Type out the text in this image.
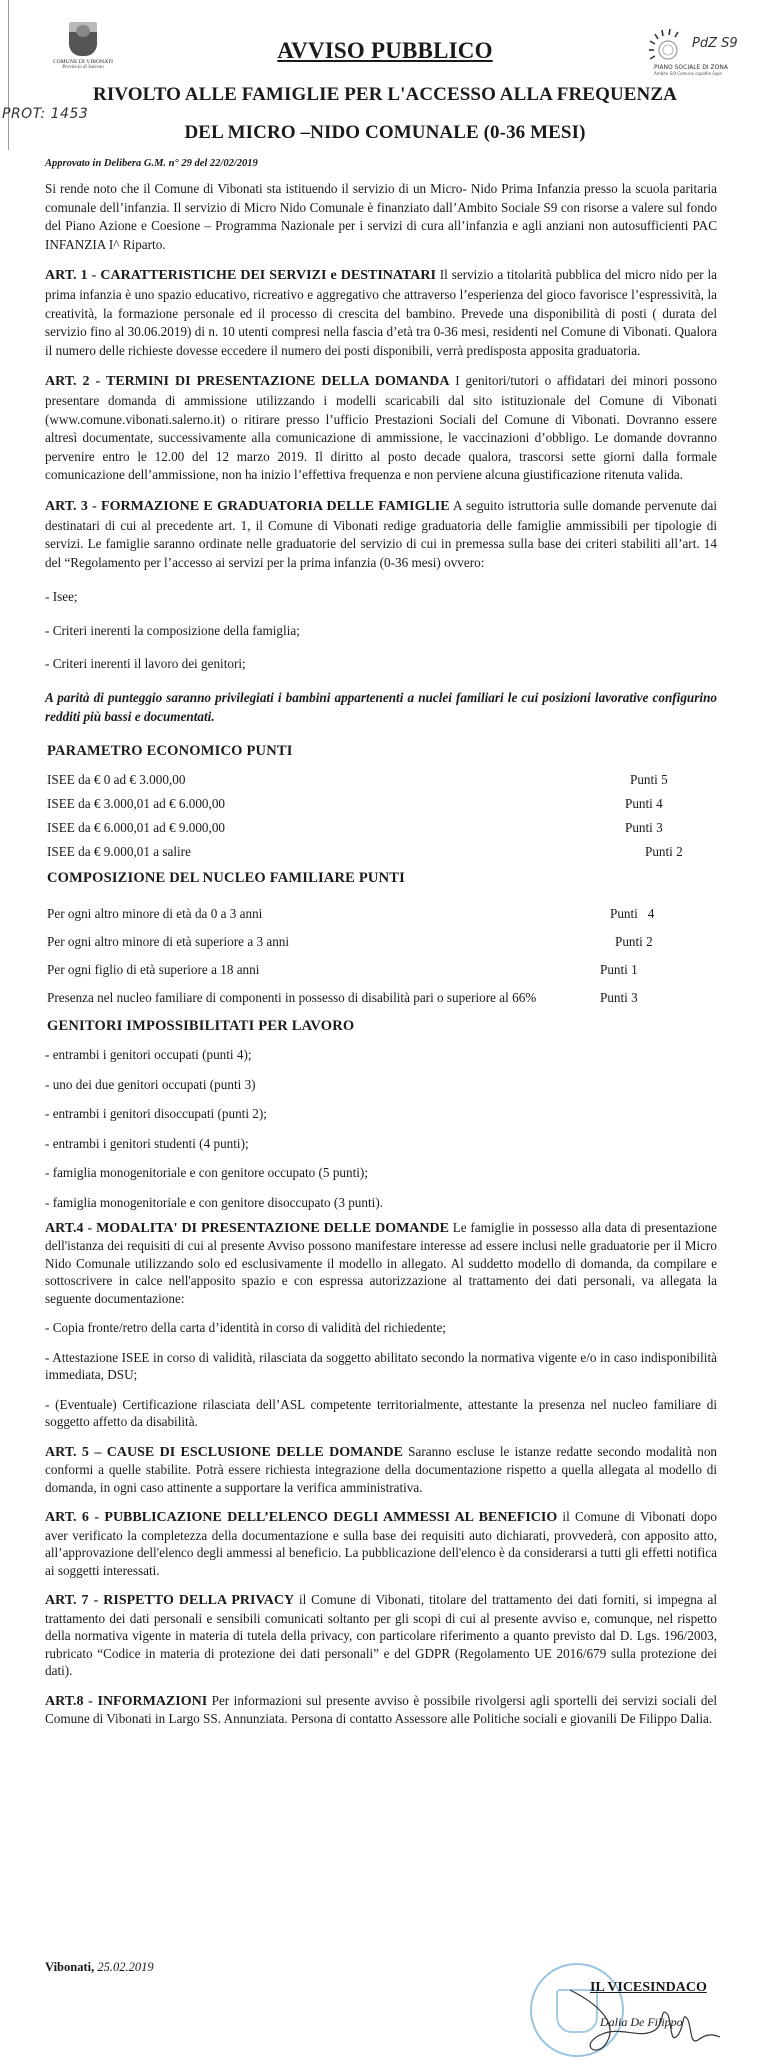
COMUNE DI VIBONATI
Provincia di Salerno
PdZ S9
PIANO SOCIALE DI ZONA
Ambito S/9 Comune capofila Sapri
AVVISO PUBBLICO
RIVOLTO ALLE FAMIGLIE PER L'ACCESSO ALLA FREQUENZA
PROT: 1453
DEL MICRO –NIDO COMUNALE (0-36 MESI)
Approvato in Delibera G.M. n° 29 del 22/02/2019

Si rende noto che il Comune di Vibonati sta istituendo il servizio di un Micro- Nido Prima Infanzia presso la scuola paritaria comunale dell’infanzia. Il servizio di Micro Nido Comunale è finanziato dall’Ambito Sociale S9 con risorse a valere sul fondo del Piano Azione e Coesione – Programma Nazionale per i servizi di cura all’infanzia e agli anziani non autosufficienti PAC INFANZIA I^ Riparto.

ART. 1 - CARATTERISTICHE DEI SERVIZI e DESTINATARI Il servizio a titolarità pubblica del micro nido per la prima infanzia è uno spazio educativo, ricreativo e aggregativo che attraverso l’esperienza del gioco favorisce l’espressività, la creatività, la formazione personale ed il processo di crescita del bambino. Prevede una disponibilità di posti ( durata del servizio fino al 30.06.2019) di n. 10 utenti compresi nella fascia d’età tra 0-36 mesi, residenti nel Comune di Vibonati. Qualora il numero delle richieste dovesse eccedere il numero dei posti disponibili, verrà predisposta apposita graduatoria.

ART. 2 - TERMINI DI PRESENTAZIONE DELLA DOMANDA I genitori/tutori o affidatari dei minori possono presentare domanda di ammissione utilizzando i modelli scaricabili dal sito istituzionale del Comune di Vibonati (www.comune.vibonati.salerno.it) o ritirare presso l’ufficio Prestazioni Sociali del Comune di Vibonati. Dovranno essere altresì documentate, successivamente alla comunicazione di ammissione, le vaccinazioni d’obbligo. Le domande dovranno pervenire entro le 12.00 del 12 marzo 2019. Il diritto al posto decade qualora, trascorsi sette giorni dalla formale comunicazione dell’ammissione, non ha inizio l’effettiva frequenza e non perviene alcuna giustificazione ritenuta valida.

ART. 3 - FORMAZIONE E GRADUATORIA DELLE FAMIGLIE A seguito istruttoria sulle domande pervenute dai destinatari di cui al precedente art. 1, il Comune di Vibonati redige graduatoria delle famiglie ammissibili per tipologie di servizi. Le famiglie saranno ordinate nelle graduatorie del servizio di cui in premessa sulla base dei criteri stabiliti all’art. 14 del “Regolamento per l’accesso ai servizi per la prima infanzia (0-36 mesi) ovvero:

- Isee;
- Criteri inerenti la composizione della famiglia;
- Criteri inerenti il lavoro dei genitori;

A parità di punteggio saranno privilegiati i bambini appartenenti a nuclei familiari le cui posizioni lavorative configurino redditi più bassi e documentati.

PARAMETRO ECONOMICO PUNTI
ISEE da € 0 ad € 3.000,00	Punti 5
ISEE da € 3.000,01 ad € 6.000,00	Punti 4
ISEE da € 6.000,01 ad € 9.000,00	Punti 3
ISEE da € 9.000,01 a salire	Punti 2
COMPOSIZIONE DEL NUCLEO FAMILIARE PUNTI
Per ogni altro minore di età da 0 a 3 anni	Punti   4
Per ogni altro minore di età superiore a 3 anni	Punti 2
Per ogni figlio di età superiore a 18 anni	Punti 1
Presenza nel nucleo familiare di componenti in possesso di disabilità pari o superiore al 66%	Punti 3
GENITORI IMPOSSIBILITATI PER LAVORO
- entrambi i genitori occupati (punti 4);
- uno dei due genitori occupati (punti 3)
- entrambi i genitori disoccupati (punti 2);
- entrambi i genitori studenti (4 punti);
- famiglia monogenitoriale e con genitore occupato (5 punti);
- famiglia monogenitoriale e con genitore disoccupato (3 punti).

ART.4 - MODALITA' DI PRESENTAZIONE DELLE DOMANDE Le famiglie in possesso alla data di presentazione dell'istanza dei requisiti di cui al presente Avviso possono manifestare interesse ad essere inclusi nelle graduatorie per il Micro Nido Comunale utilizzando solo ed esclusivamente il modello in allegato. Al suddetto modello di domanda, da compilare e sottoscrivere in calce nell'apposito spazio e con espressa autorizzazione al trattamento dei dati personali, va allegata la seguente documentazione:

- Copia fronte/retro della carta d’identità in corso di validità del richiedente;

- Attestazione ISEE in corso di validità, rilasciata da soggetto abilitato secondo la normativa vigente e/o in caso indisponibilità immediata, DSU;

- (Eventuale) Certificazione rilasciata dell’ASL competente territorialmente, attestante la presenza nel nucleo familiare di soggetto affetto da disabilità.

ART. 5 – CAUSE DI ESCLUSIONE DELLE DOMANDE Saranno escluse le istanze redatte secondo modalità non conformi a quelle stabilite. Potrà essere richiesta integrazione della documentazione rispetto a quella allegata al modello di domanda, in ogni caso attinente a supportare la verifica amministrativa.

ART. 6 - PUBBLICAZIONE DELL’ELENCO DEGLI AMMESSI AL BENEFICIO il Comune di Vibonati dopo aver verificato la completezza della documentazione e sulla base dei requisiti auto dichiarati, provvederà, con apposito atto, all’approvazione dell'elenco degli ammessi al beneficio. La pubblicazione dell'elenco è da considerarsi a tutti gli effetti notifica ai soggetti interessati.

ART. 7 - RISPETTO DELLA PRIVACY il Comune di Vibonati, titolare del trattamento dei dati forniti, si impegna al trattamento dei dati personali e sensibili comunicati soltanto per gli scopi di cui al presente avviso e, comunque, nel rispetto della normativa vigente in materia di tutela della privacy, con particolare riferimento a quanto previsto dal D. Lgs. 196/2003, rubricato “Codice in materia di protezione dei dati personali” e del GDPR (Regolamento UE 2016/679 sulla protezione dei dati).

ART.8 - INFORMAZIONI Per informazioni sul presente avviso è possibile rivolgersi agli sportelli dei servizi sociali del Comune di Vibonati in Largo SS. Annunziata. Persona di contatto Assessore alle Politiche sociali e giovanili De Filippo Dalia.

Vibonati, 25.02.2019
IL VICESINDACO
Dalia De Filippo
